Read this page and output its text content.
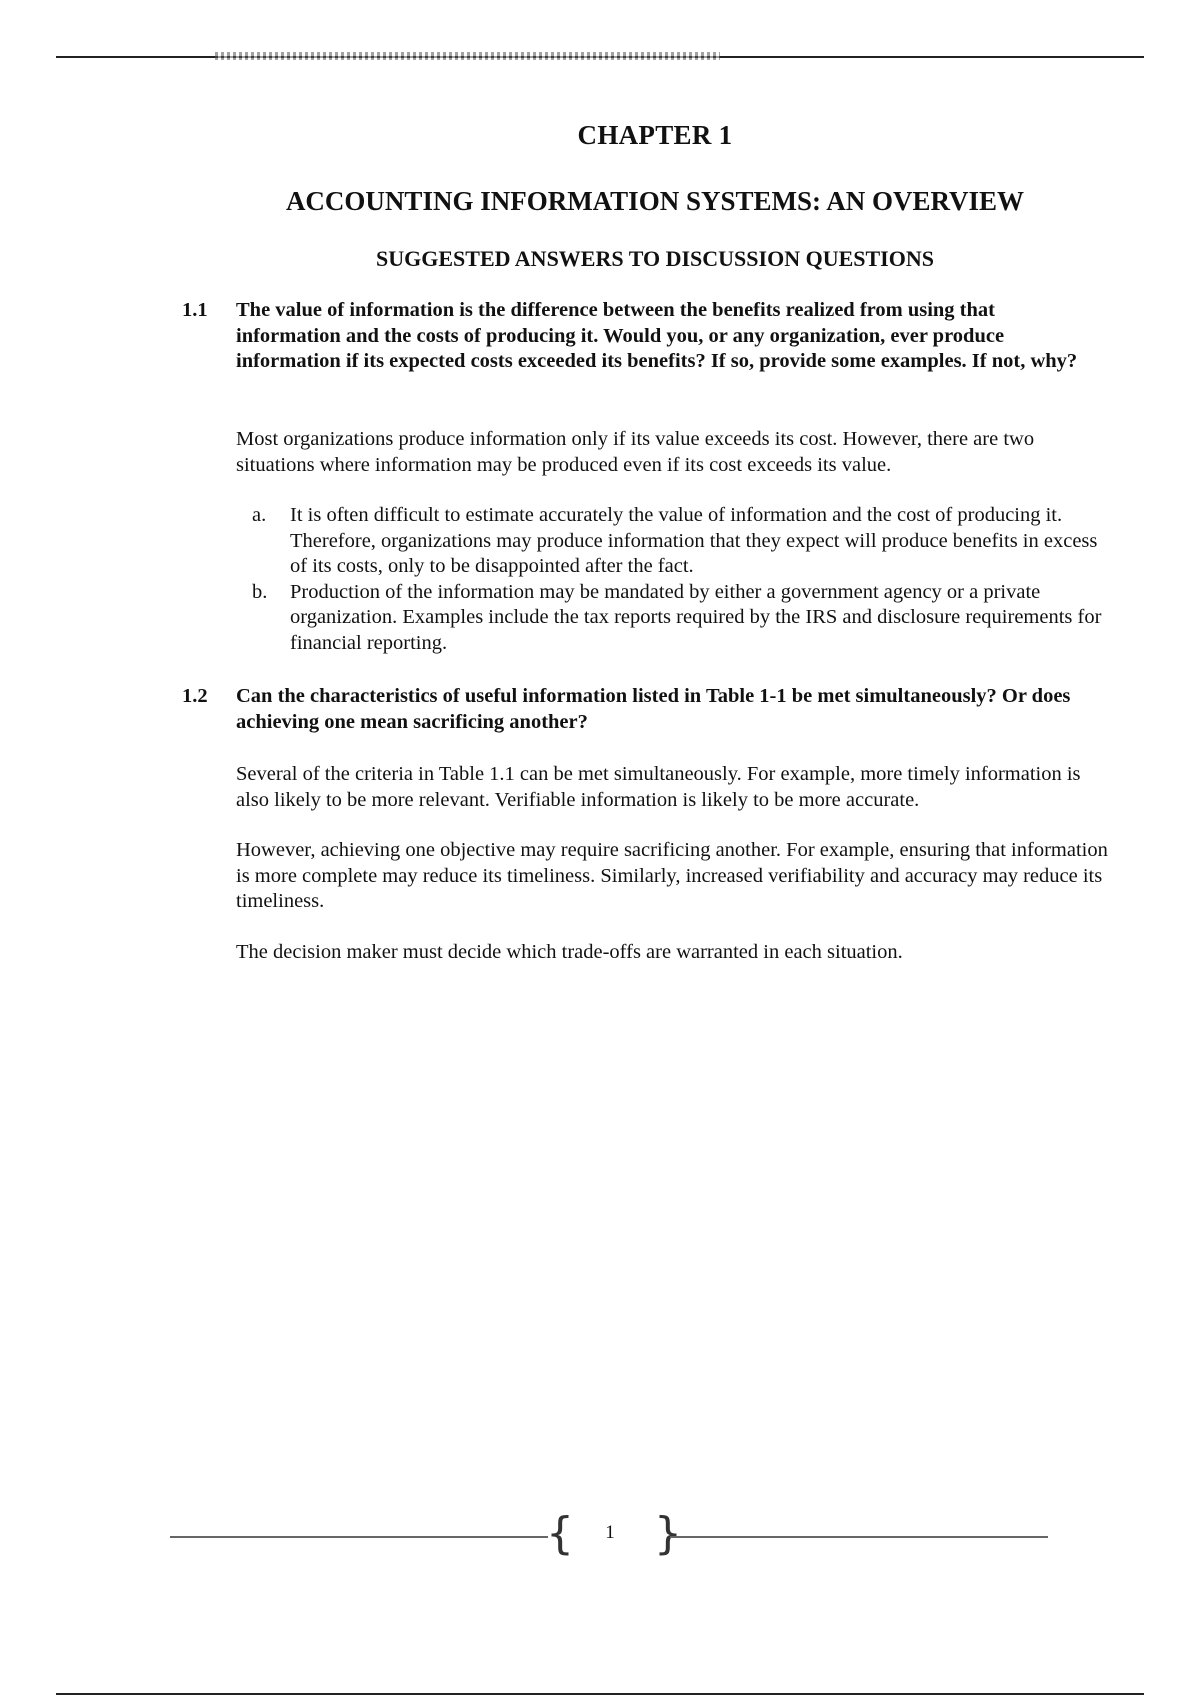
CHAPTER 1
ACCOUNTING INFORMATION SYSTEMS: AN OVERVIEW
SUGGESTED ANSWERS TO DISCUSSION QUESTIONS
1.1	The value of information is the difference between the benefits realized from using that information and the costs of producing it. Would you, or any organization, ever produce information if its expected costs exceeded its benefits? If so, provide some examples. If not, why?
Most organizations produce information only if its value exceeds its cost. However, there are two situations where information may be produced even if its cost exceeds its value.
a. It is often difficult to estimate accurately the value of information and the cost of producing it. Therefore, organizations may produce information that they expect will produce benefits in excess of its costs, only to be disappointed after the fact.
b. Production of the information may be mandated by either a government agency or a private organization. Examples include the tax reports required by the IRS and disclosure requirements for financial reporting.
1.2	Can the characteristics of useful information listed in Table 1-1 be met simultaneously? Or does achieving one mean sacrificing another?
Several of the criteria in Table 1.1 can be met simultaneously. For example, more timely information is also likely to be more relevant. Verifiable information is likely to be more accurate.
However, achieving one objective may require sacrificing another. For example, ensuring that information is more complete may reduce its timeliness. Similarly, increased verifiability and accuracy may reduce its timeliness.
The decision maker must decide which trade-offs are warranted in each situation.
{	1 }
